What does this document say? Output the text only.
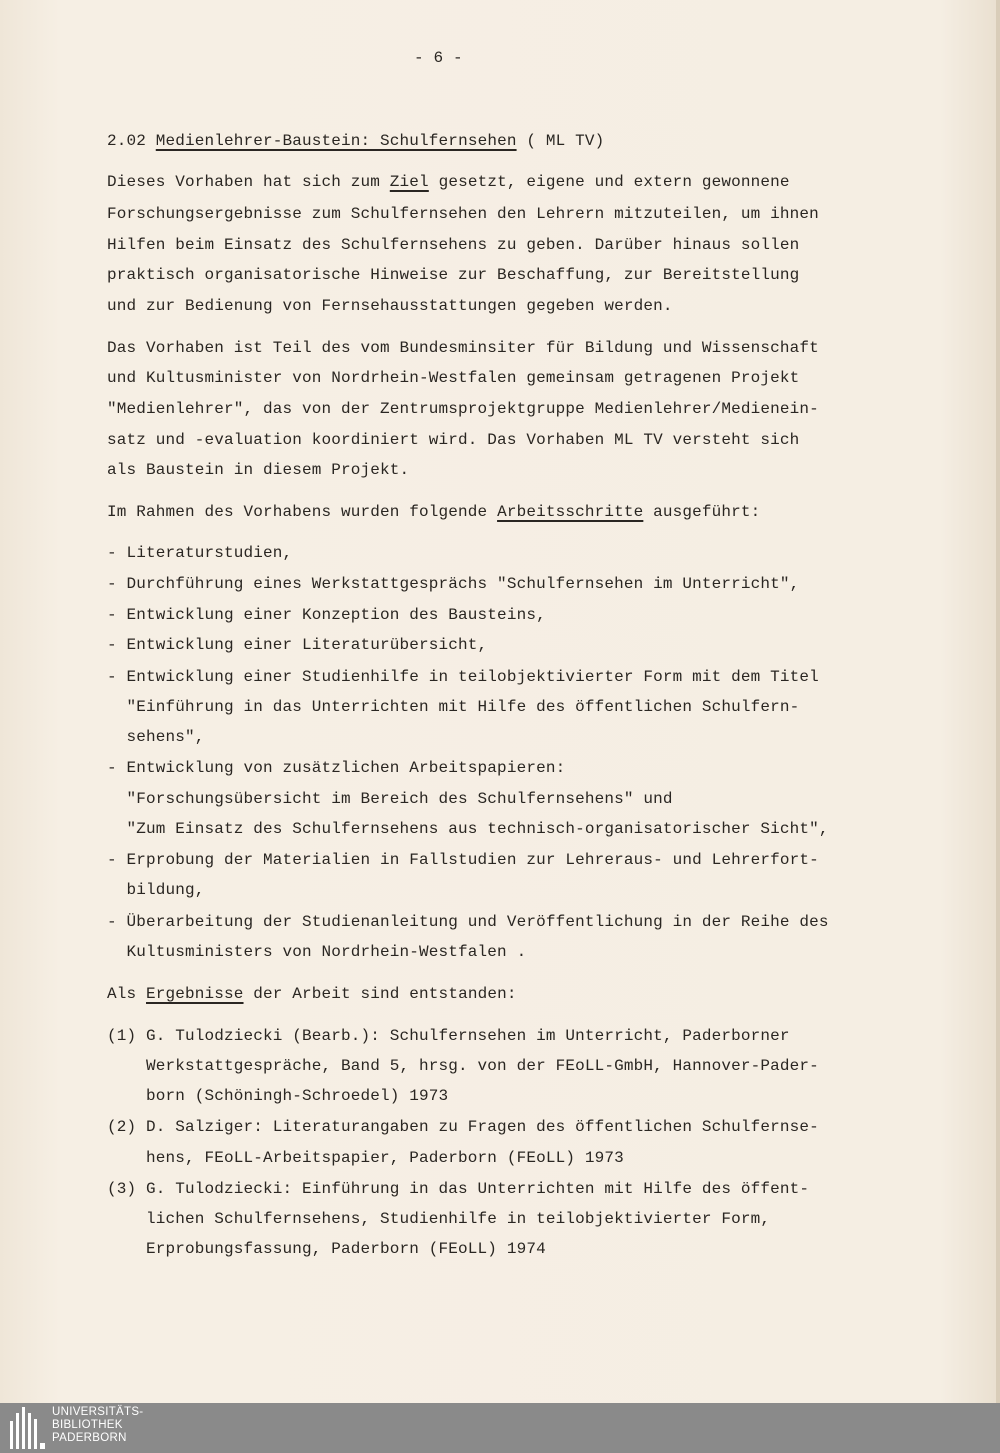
- 6 -
2.02 Medienlehrer-Baustein: Schulfernsehen ( ML TV)
Dieses Vorhaben hat sich zum Ziel gesetzt, eigene und extern gewonnene
Forschungsergebnisse zum Schulfernsehen den Lehrern mitzuteilen, um ihnen
Hilfen beim Einsatz des Schulfernsehens zu geben. Darüber hinaus sollen
praktisch organisatorische Hinweise zur Beschaffung, zur Bereitstellung
und zur Bedienung von Fernsehausstattungen gegeben werden.
Das Vorhaben ist Teil des vom Bundesminsiter für Bildung und Wissenschaft
und Kultusminister von Nordrhein-Westfalen gemeinsam getragenen Projekt
"Medienlehrer", das von der Zentrumsprojektgruppe Medienlehrer/Medienein-
satz und -evaluation koordiniert wird. Das Vorhaben ML TV versteht sich
als Baustein in diesem Projekt.
Im Rahmen des Vorhabens wurden folgende Arbeitsschritte ausgeführt:
- Literaturstudien,
- Durchführung eines Werkstattgesprächs "Schulfernsehen im Unterricht",
- Entwicklung einer Konzeption des Bausteins,
- Entwicklung einer Literaturübersicht,
- Entwicklung einer Studienhilfe in teilobjektivierter Form mit dem Titel
"Einführung in das Unterrichten mit Hilfe des öffentlichen Schulfern-
sehens",
- Entwicklung von zusätzlichen Arbeitspapieren:
"Forschungsübersicht im Bereich des Schulfernsehens" und
"Zum Einsatz des Schulfernsehens aus technisch-organisatorischer Sicht",
- Erprobung der Materialien in Fallstudien zur Lehreraus- und Lehrerfort-
bildung,
- Überarbeitung der Studienanleitung und Veröffentlichung in der Reihe des
Kultusministers von Nordrhein-Westfalen .
Als Ergebnisse der Arbeit sind entstanden:
(1) G. Tulodziecki (Bearb.): Schulfernsehen im Unterricht, Paderborner
Werkstattgespräche, Band 5, hrsg. von der FEoLL-GmbH, Hannover-Pader-
born (Schöningh-Schroedel) 1973
(2) D. Salziger: Literaturangaben zu Fragen des öffentlichen Schulfernse-
hens, FEoLL-Arbeitspapier, Paderborn (FEoLL) 1973
(3) G. Tulodziecki: Einführung in das Unterrichten mit Hilfe des öffent-
lichen Schulfernsehens, Studienhilfe in teilobjektivierter Form,
Erprobungsfassung, Paderborn (FEoLL) 1974
UNIVERSITÄTS-
BIBLIOTHEK
PADERBORN
